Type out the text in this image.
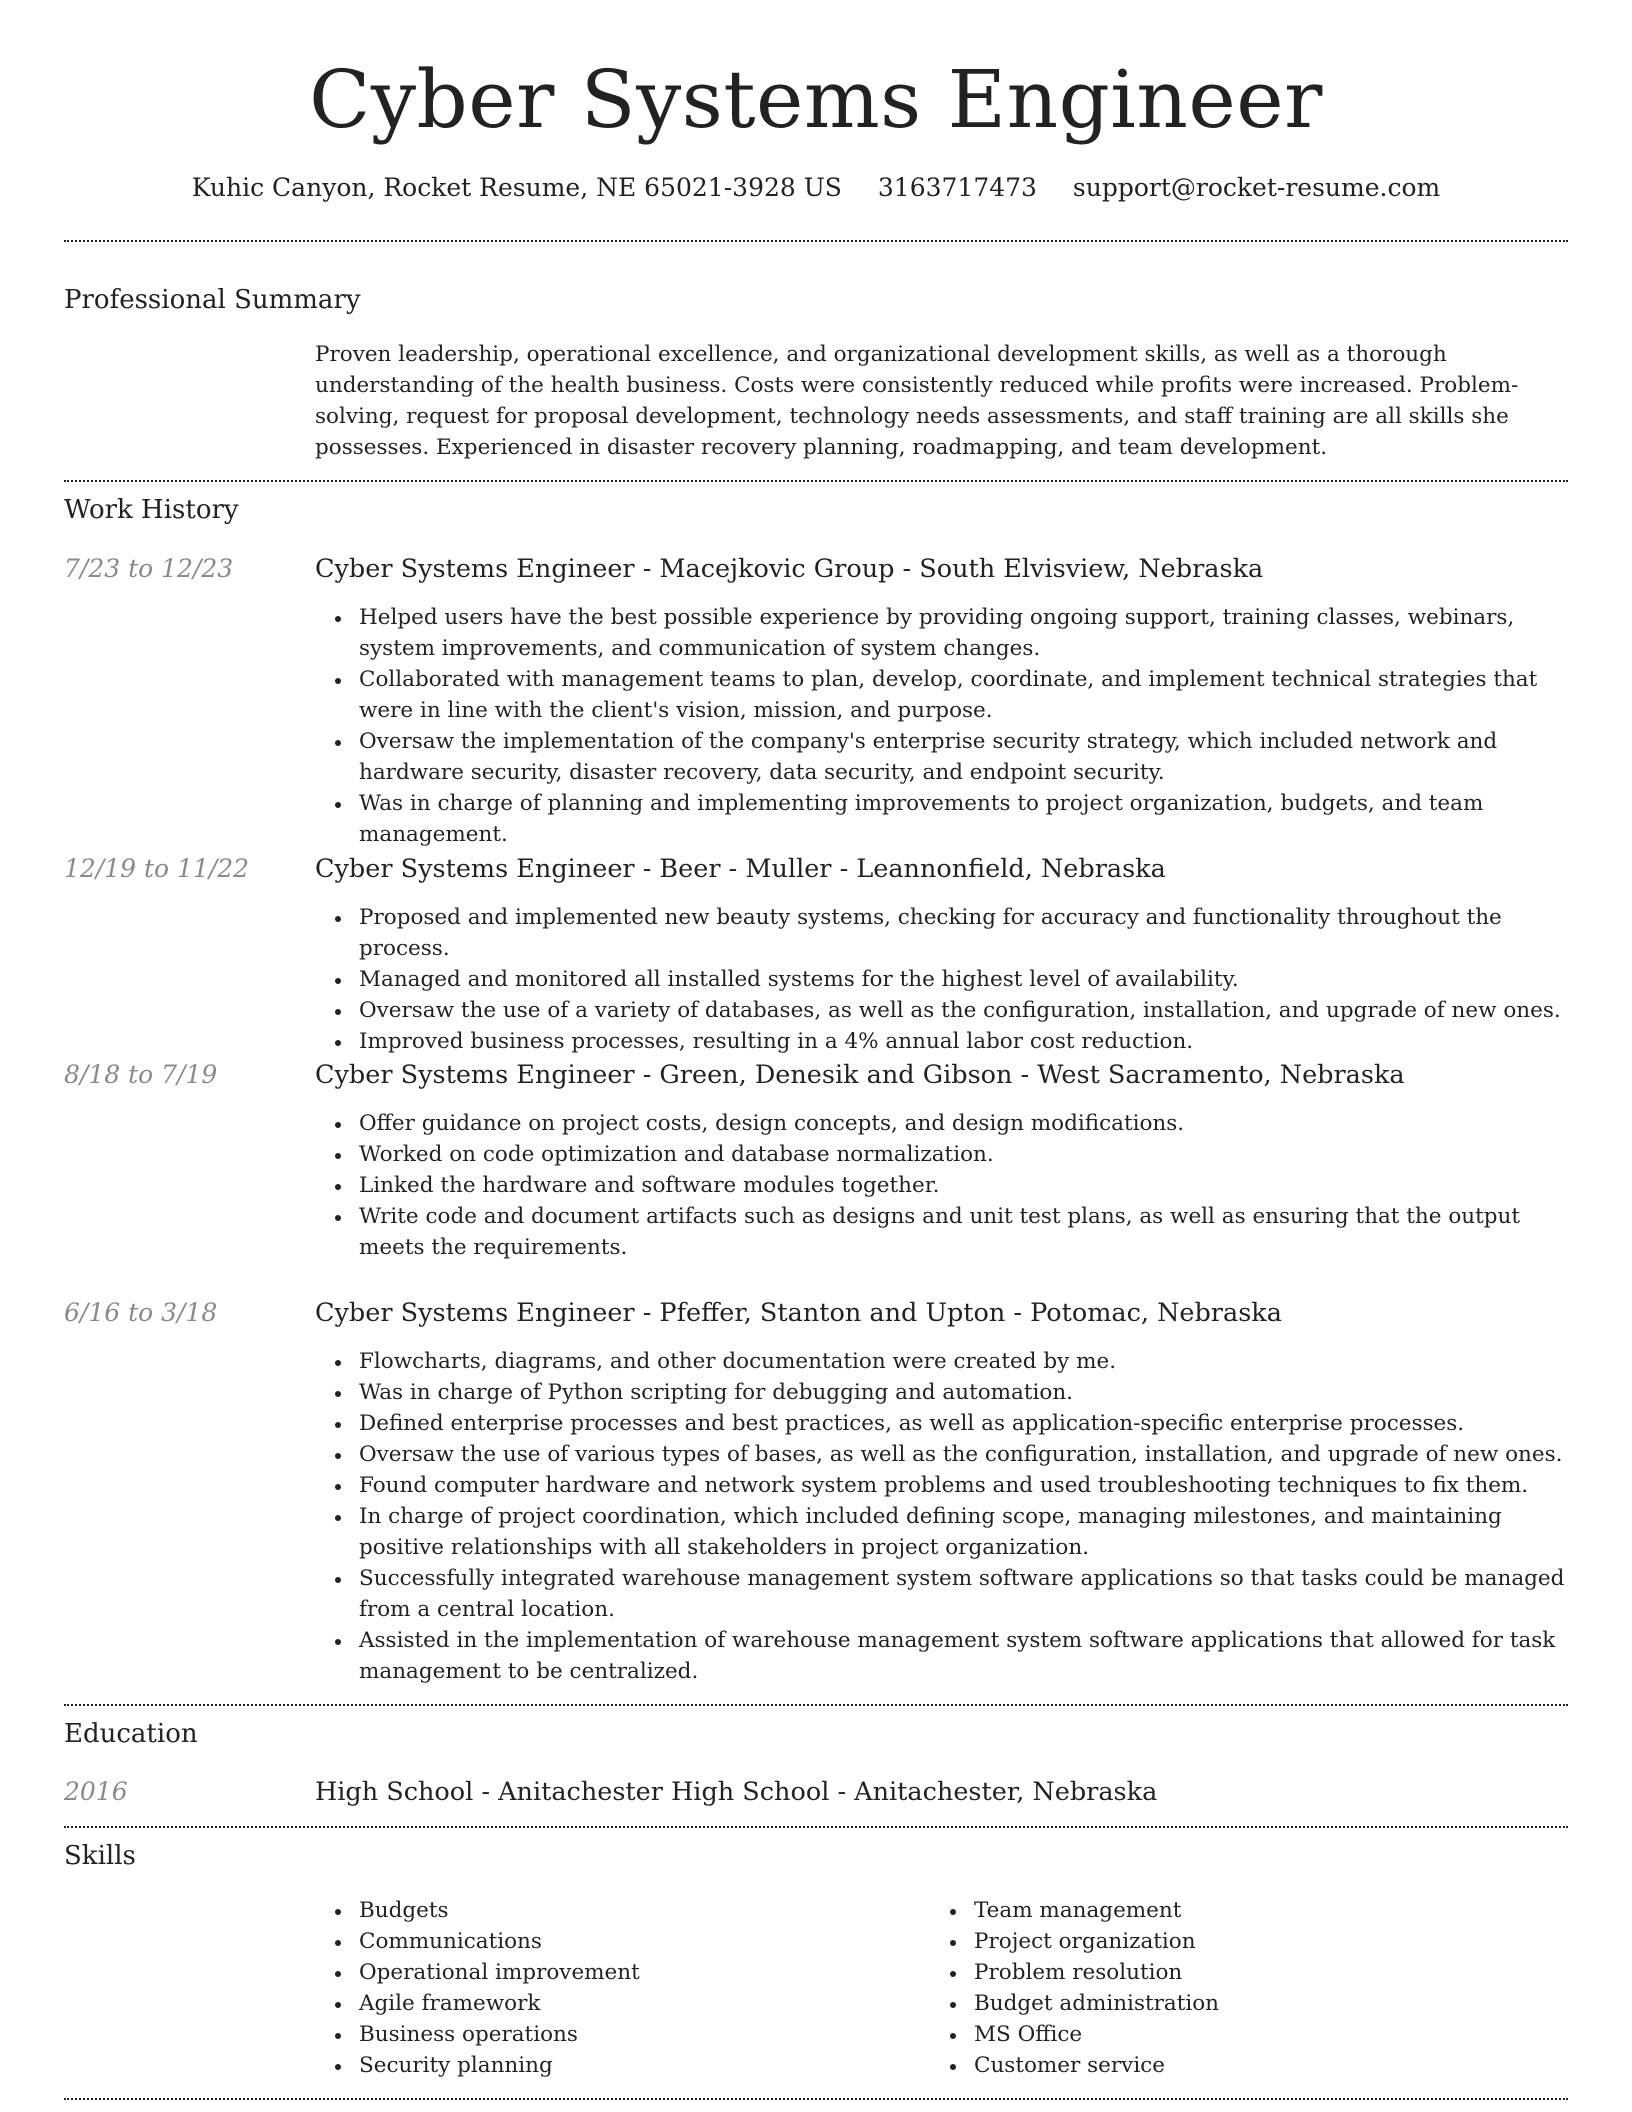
Cyber Systems Engineer
Kuhic Canyon, Rocket Resume, NE 65021-3928 US 3163717473 support@rocket-resume.com
Professional Summary
Proven leadership, operational excellence, and organizational development skills, as well as a thorough understanding of the health business. Costs were consistently reduced while profits were increased. Problem-solving, request for proposal development, technology needs assessments, and staff training are all skills she possesses. Experienced in disaster recovery planning, roadmapping, and team development.
Work History
7/23 to 12/23	Cyber Systems Engineer - Macejkovic Group - South Elvisview, Nebraska
Helped users have the best possible experience by providing ongoing support, training classes, webinars, system improvements, and communication of system changes.
Collaborated with management teams to plan, develop, coordinate, and implement technical strategies that were in line with the client's vision, mission, and purpose.
Oversaw the implementation of the company's enterprise security strategy, which included network and hardware security, disaster recovery, data security, and endpoint security.
Was in charge of planning and implementing improvements to project organization, budgets, and team management.
12/19 to 11/22	Cyber Systems Engineer - Beer - Muller - Leannonfield, Nebraska
Proposed and implemented new beauty systems, checking for accuracy and functionality throughout the process.
Managed and monitored all installed systems for the highest level of availability.
Oversaw the use of a variety of databases, as well as the configuration, installation, and upgrade of new ones.
Improved business processes, resulting in a 4% annual labor cost reduction.
8/18 to 7/19	Cyber Systems Engineer - Green, Denesik and Gibson - West Sacramento, Nebraska
Offer guidance on project costs, design concepts, and design modifications.
Worked on code optimization and database normalization.
Linked the hardware and software modules together.
Write code and document artifacts such as designs and unit test plans, as well as ensuring that the output meets the requirements.
6/16 to 3/18	Cyber Systems Engineer - Pfeffer, Stanton and Upton - Potomac, Nebraska
Flowcharts, diagrams, and other documentation were created by me.
Was in charge of Python scripting for debugging and automation.
Defined enterprise processes and best practices, as well as application-specific enterprise processes.
Oversaw the use of various types of bases, as well as the configuration, installation, and upgrade of new ones.
Found computer hardware and network system problems and used troubleshooting techniques to fix them.
In charge of project coordination, which included defining scope, managing milestones, and maintaining positive relationships with all stakeholders in project organization.
Successfully integrated warehouse management system software applications so that tasks could be managed from a central location.
Assisted in the implementation of warehouse management system software applications that allowed for task management to be centralized.
Education
2016	High School - Anitachester High School - Anitachester, Nebraska
Skills
Budgets
Communications
Operational improvement
Agile framework
Business operations
Security planning
Team management
Project organization
Problem resolution
Budget administration
MS Office
Customer service
